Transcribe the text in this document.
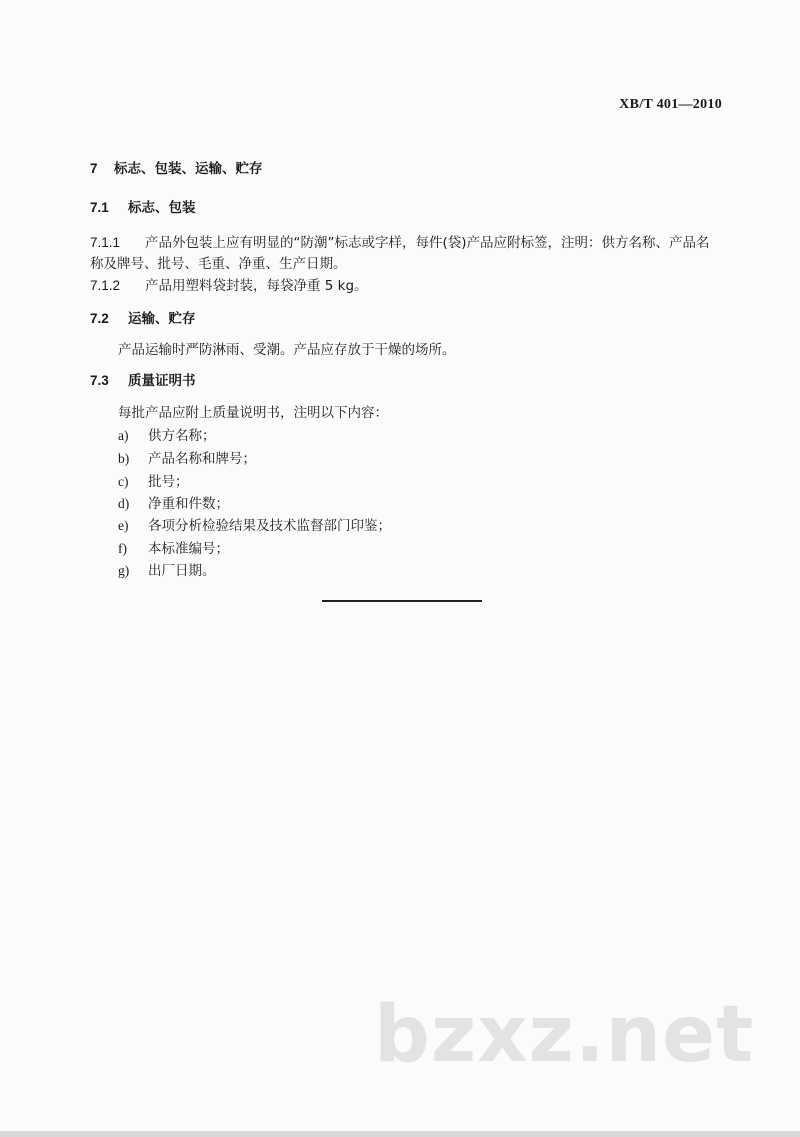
XB/T 401—2010
7 标志、包装、运输、贮存
7.1 标志、包装
7.1.1 产品外包装上应有明显的“防潮”标志或字样，每件(袋)产品应附标签，注明：供方名称、产品名
称及牌号、批号、毛重、净重、生产日期。
7.1.2 产品用塑料袋封装，每袋净重 5 kg。
7.2 运输、贮存
产品运输时严防淋雨、受潮。产品应存放于干燥的场所。
7.3 质量证明书
每批产品应附上质量说明书，注明以下内容：
a) 供方名称；
b) 产品名称和牌号；
c) 批号；
d) 净重和件数；
e) 各项分析检验结果及技术监督部门印鉴；
f) 本标准编号；
g) 出厂日期。
bzxz.net
